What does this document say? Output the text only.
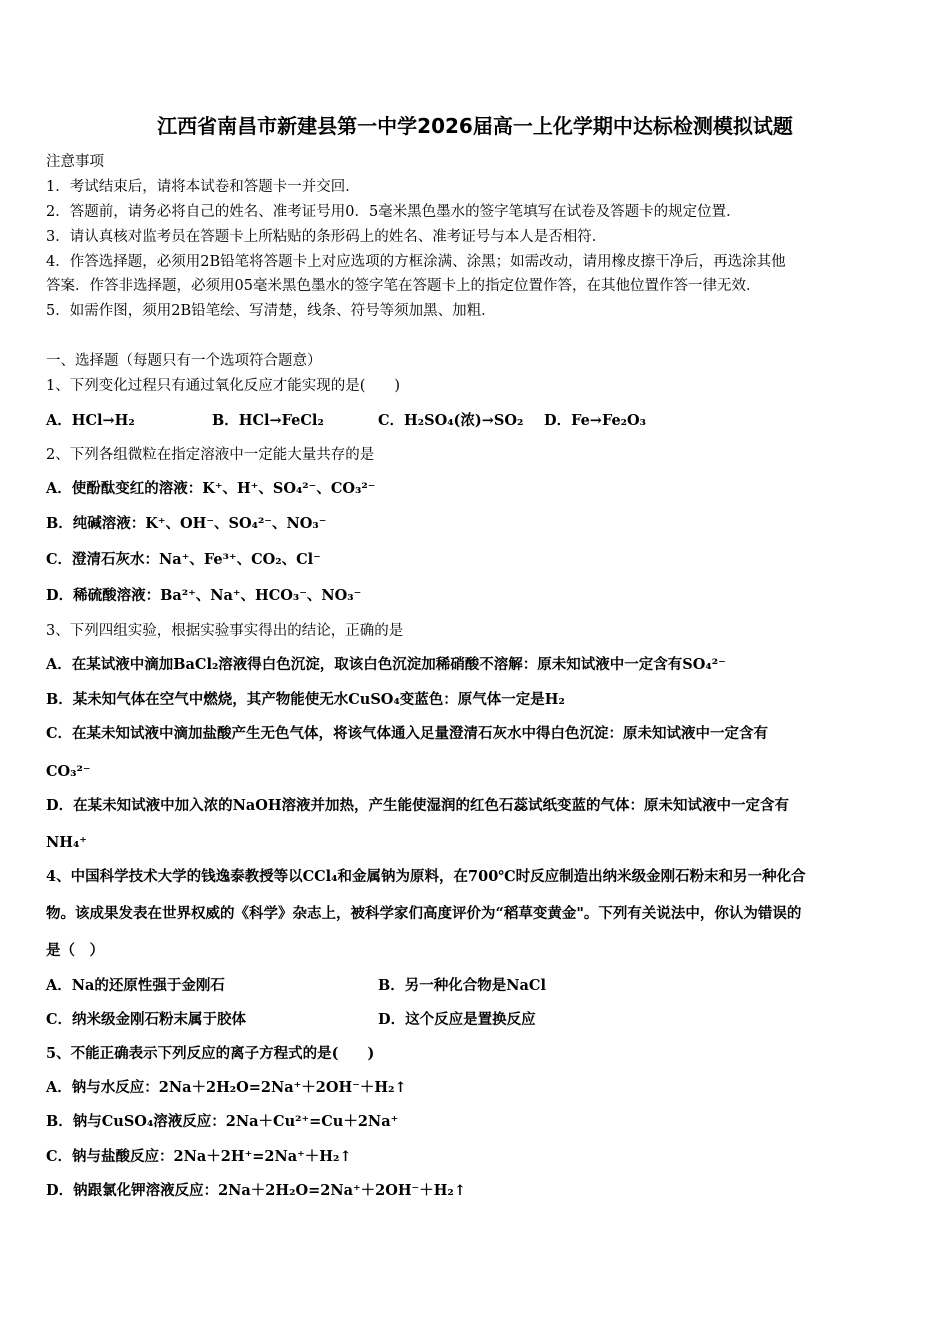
江西省南昌市新建县第一中学2026届高一上化学期中达标检测模拟试题
注意事项
1．考试结束后，请将本试卷和答题卡一并交回．
2．答题前，请务必将自己的姓名、准考证号用0．5毫米黑色墨水的签字笔填写在试卷及答题卡的规定位置．
3．请认真核对监考员在答题卡上所粘贴的条形码上的姓名、准考证号与本人是否相符．
4．作答选择题，必须用2B铅笔将答题卡上对应选项的方框涂满、涂黑；如需改动，请用橡皮擦干净后，再选涂其他
答案．作答非选择题，必须用05毫米黑色墨水的签字笔在答题卡上的指定位置作答，在其他位置作答一律无效．
5．如需作图，须用2B铅笔绘、写清楚，线条、符号等须加黑、加粗．
一、选择题（每题只有一个选项符合题意）
1、下列变化过程只有通过氧化反应才能实现的是(　　)
A．HCl→H₂	B．HCl→FeCl₂	C．H₂SO₄(浓)→SO₂ D．Fe→Fe₂O₃
2、下列各组微粒在指定溶液中一定能大量共存的是
A．使酚酞变红的溶液：K⁺、H⁺、SO₄²⁻、CO₃²⁻
B．纯碱溶液：K⁺、OH⁻、SO₄²⁻、NO₃⁻
C．澄清石灰水：Na⁺、Fe³⁺、CO₂、Cl⁻
D．稀硫酸溶液：Ba²⁺、Na⁺、HCO₃⁻、NO₃⁻
3、下列四组实验，根据实验事实得出的结论，正确的是
A．在某试液中滴加BaCl₂溶液得白色沉淀，取该白色沉淀加稀硝酸不溶解：原未知试液中一定含有SO₄²⁻
B．某未知气体在空气中燃烧，其产物能使无水CuSO₄变蓝色：原气体一定是H₂
C．在某未知试液中滴加盐酸产生无色气体，将该气体通入足量澄清石灰水中得白色沉淀：原未知试液中一定含有
CO₃²⁻
D．在某未知试液中加入浓的NaOH溶液并加热，产生能使湿润的红色石蕊试纸变蓝的气体：原未知试液中一定含有
NH₄⁺
4、中国科学技术大学的钱逸泰教授等以CCl₄和金属钠为原料，在700℃时反应制造出纳米级金刚石粉末和另一种化合
物。该成果发表在世界权威的《科学》杂志上，被科学家们高度评价为“稻草变黄金"。下列有关说法中，你认为错误的
是（　）
A．Na的还原性强于金刚石	B．另一种化合物是NaCl
C．纳米级金刚石粉末属于胶体	D．这个反应是置换反应
5、不能正确表示下列反应的离子方程式的是(　　)
A．钠与水反应：2Na＋2H₂O=2Na⁺＋2OH⁻＋H₂↑
B．钠与CuSO₄溶液反应：2Na＋Cu²⁺=Cu＋2Na⁺
C．钠与盐酸反应：2Na＋2H⁺=2Na⁺＋H₂↑
D．钠跟氯化钾溶液反应：2Na＋2H₂O=2Na⁺＋2OH⁻＋H₂↑
